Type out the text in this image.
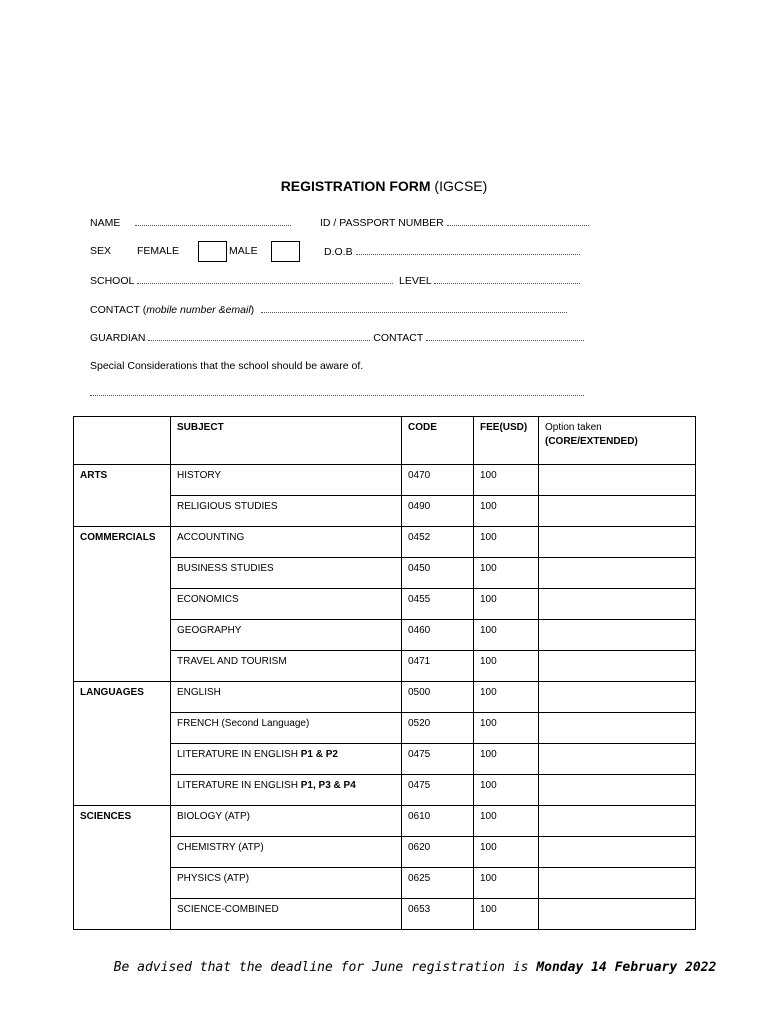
REGISTRATION FORM (IGCSE)
NAME	ID / PASSPORT NUMBER
SEX FEMALE	MALE	D.O.B
SCHOOL	LEVEL
CONTACT (mobile number &email)
GUARDIAN	CONTACT
Special Considerations that the school should be aware of.
	SUBJECT	CODE	FEE(USD)	Option taken
(CORE/EXTENDED)

ARTS	HISTORY	0470	100	
	RELIGIOUS STUDIES	0490	100	
COMMERCIALS	ACCOUNTING	0452	100	
	BUSINESS STUDIES	0450	100	
	ECONOMICS	0455	100	
	GEOGRAPHY	0460	100	
	TRAVEL AND TOURISM	0471	100	
LANGUAGES	ENGLISH	0500	100	
	FRENCH (Second Language)	0520	100	
	LITERATURE IN ENGLISH P1 & P2	0475	100	
	LITERATURE IN ENGLISH P1, P3 & P4	0475	100	
SCIENCES	BIOLOGY (ATP)	0610	100	
	CHEMISTRY (ATP)	0620	100	
	PHYSICS (ATP)	0625	100	
	SCIENCE-COMBINED	0653	100	
Be advised that the deadline for June registration is Monday 14 February 2022
